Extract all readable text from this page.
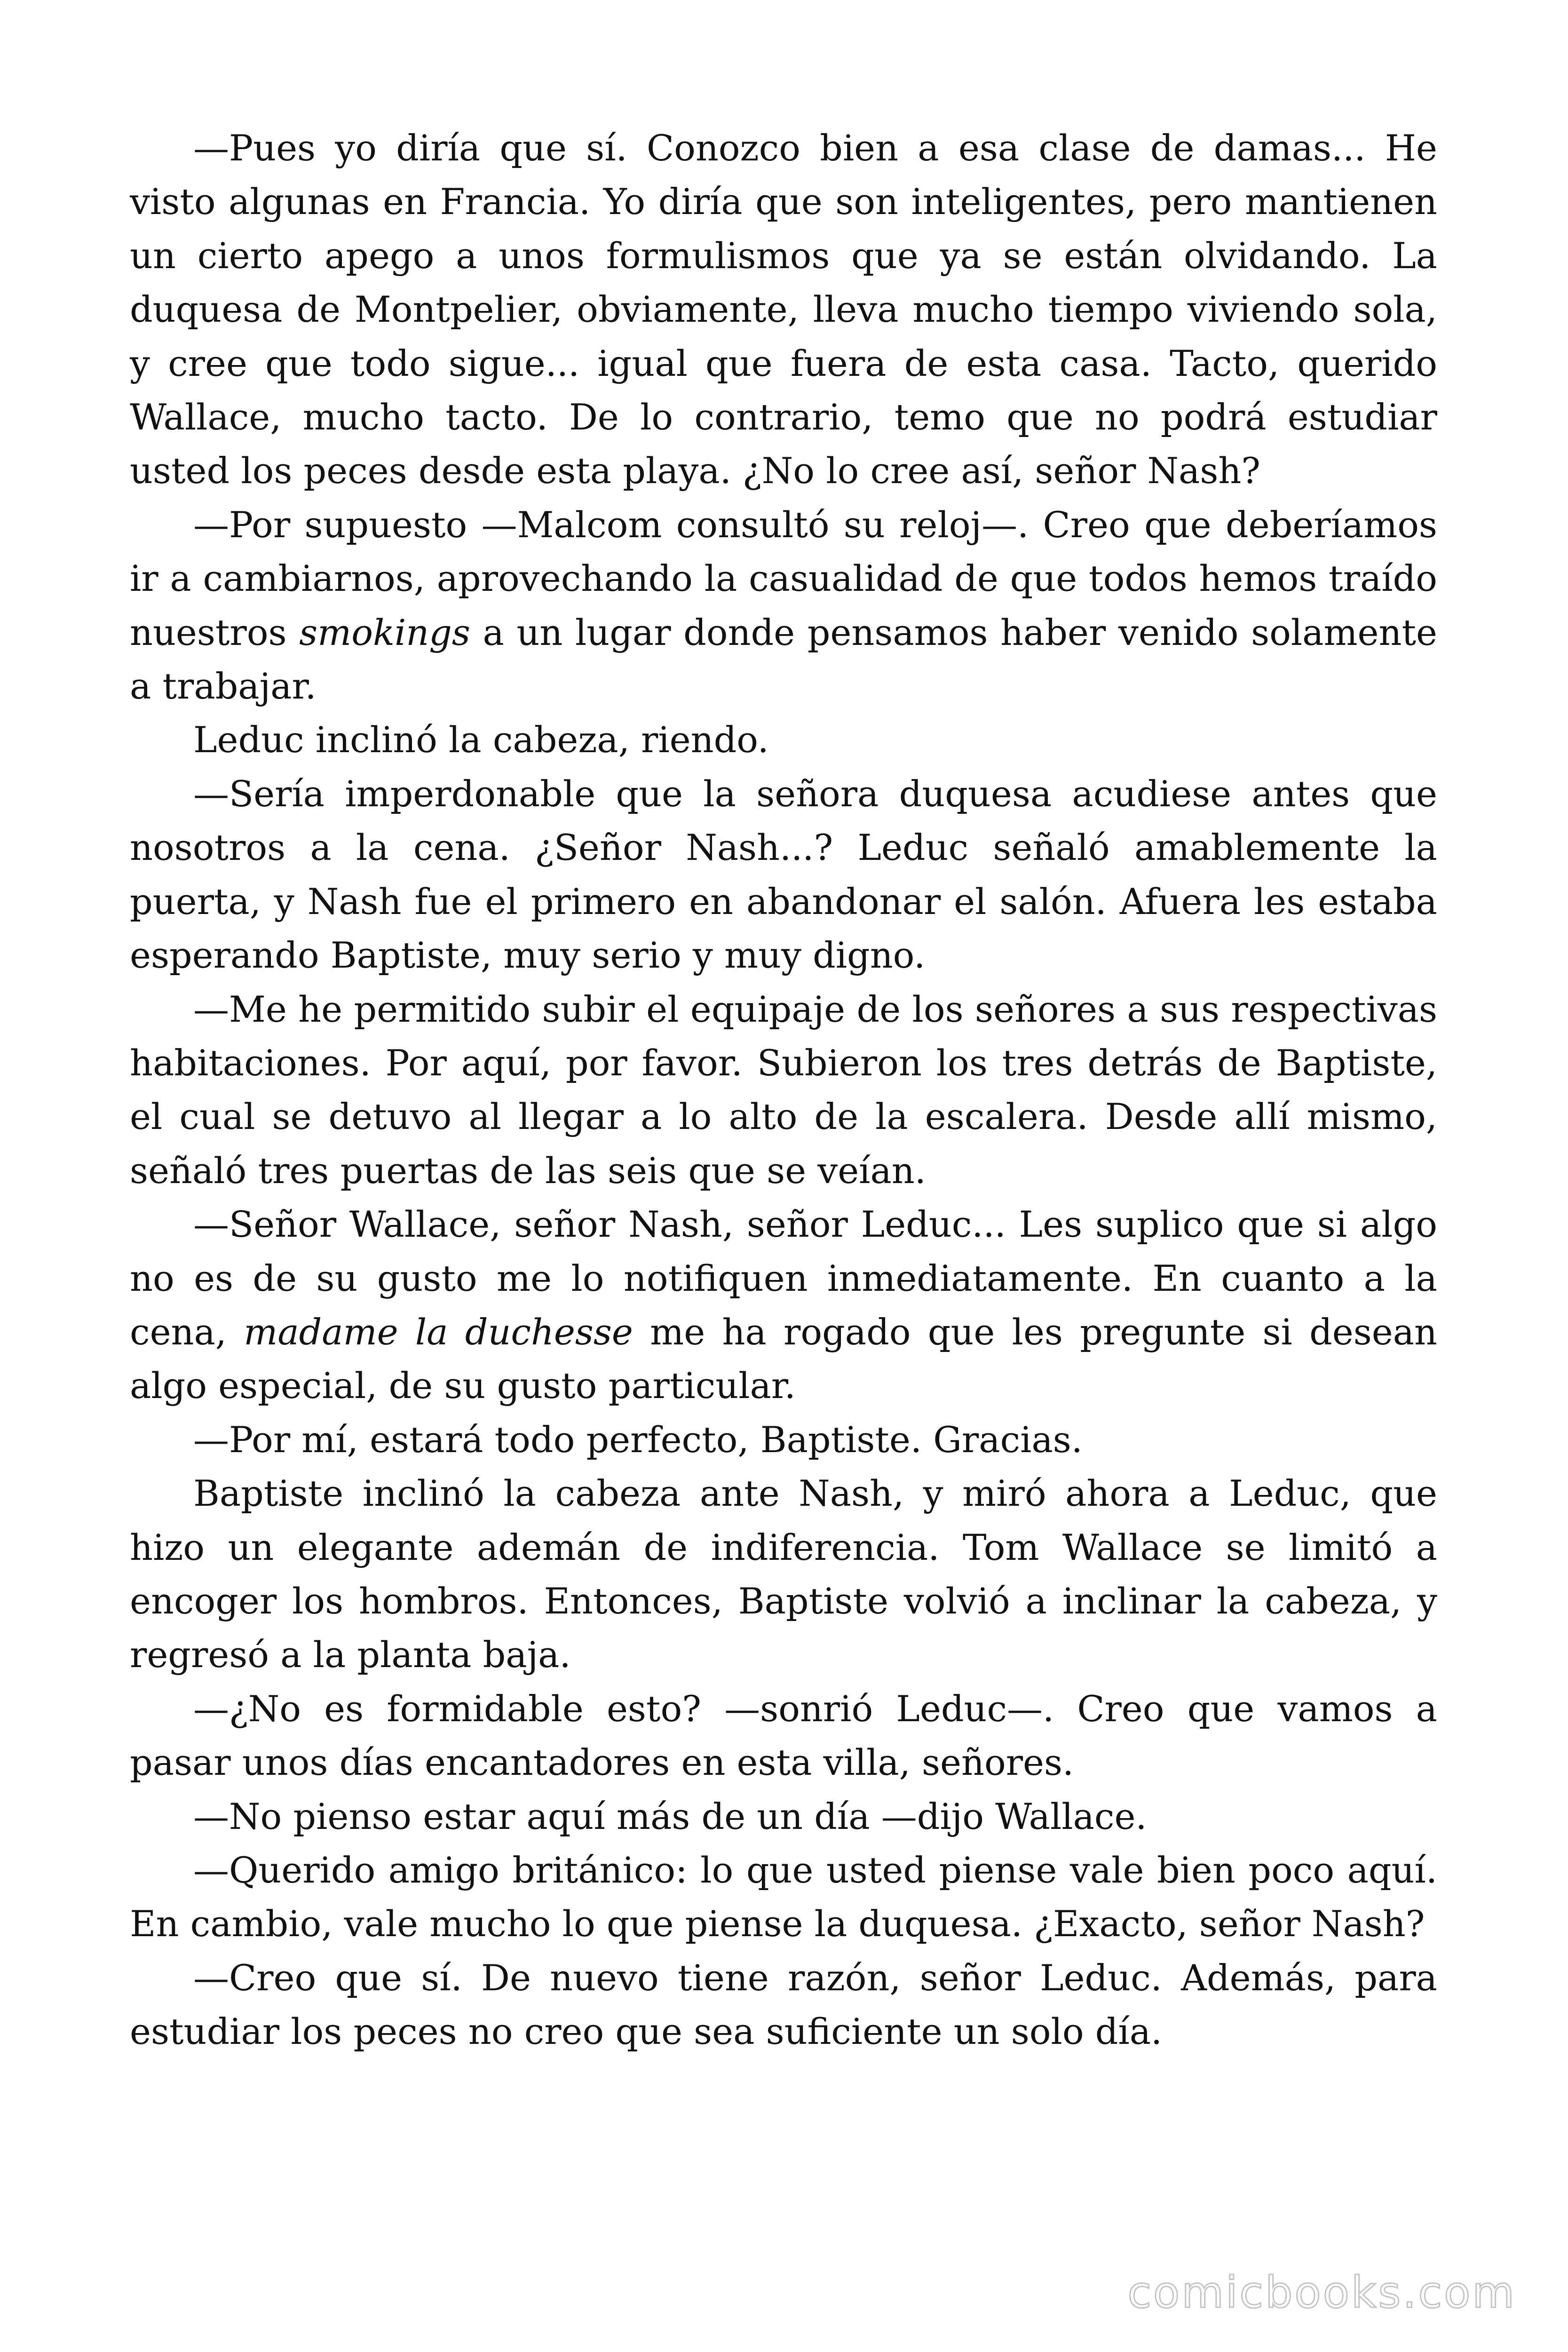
—Pues yo diría que sí. Conozco bien a esa clase de damas... He visto algunas en Francia. Yo diría que son inteligentes, pero mantienen un cierto apego a unos formulismos que ya se están olvidando. La duquesa de Montpelier, obviamente, lleva mucho tiempo viviendo sola, y cree que todo sigue... igual que fuera de esta casa. Tacto, querido Wallace, mucho tacto. De lo contrario, temo que no podrá estudiar usted los peces desde esta playa. ¿No lo cree así, señor Nash?

—Por supuesto —Malcom consultó su reloj—. Creo que deberíamos ir a cambiarnos, aprovechando la casualidad de que todos hemos traído nuestros smokings a un lugar donde pensamos haber venido solamente a trabajar.

Leduc inclinó la cabeza, riendo.

—Sería imperdonable que la señora duquesa acudiese antes que nosotros a la cena. ¿Señor Nash...? Leduc señaló amablemente la puerta, y Nash fue el primero en abandonar el salón. Afuera les estaba esperando Baptiste, muy serio y muy digno.

—Me he permitido subir el equipaje de los señores a sus respectivas habitaciones. Por aquí, por favor. Subieron los tres detrás de Baptiste, el cual se detuvo al llegar a lo alto de la escalera. Desde allí mismo, señaló tres puertas de las seis que se veían.

—Señor Wallace, señor Nash, señor Leduc... Les suplico que si algo no es de su gusto me lo notifiquen inmediatamente. En cuanto a la cena, madame la duchesse me ha rogado que les pregunte si desean algo especial, de su gusto particular.

—Por mí, estará todo perfecto, Baptiste. Gracias.

Baptiste inclinó la cabeza ante Nash, y miró ahora a Leduc, que hizo un elegante ademán de indiferencia. Tom Wallace se limitó a encoger los hombros. Entonces, Baptiste volvió a inclinar la cabeza, y regresó a la planta baja.

—¿No es formidable esto? —sonrió Leduc—. Creo que vamos a pasar unos días encantadores en esta villa, señores.

—No pienso estar aquí más de un día —dijo Wallace.

—Querido amigo británico: lo que usted piense vale bien poco aquí. En cambio, vale mucho lo que piense la duquesa. ¿Exacto, señor Nash?

—Creo que sí. De nuevo tiene razón, señor Leduc. Además, para estudiar los peces no creo que sea suficiente un solo día.

comicbooks.com
